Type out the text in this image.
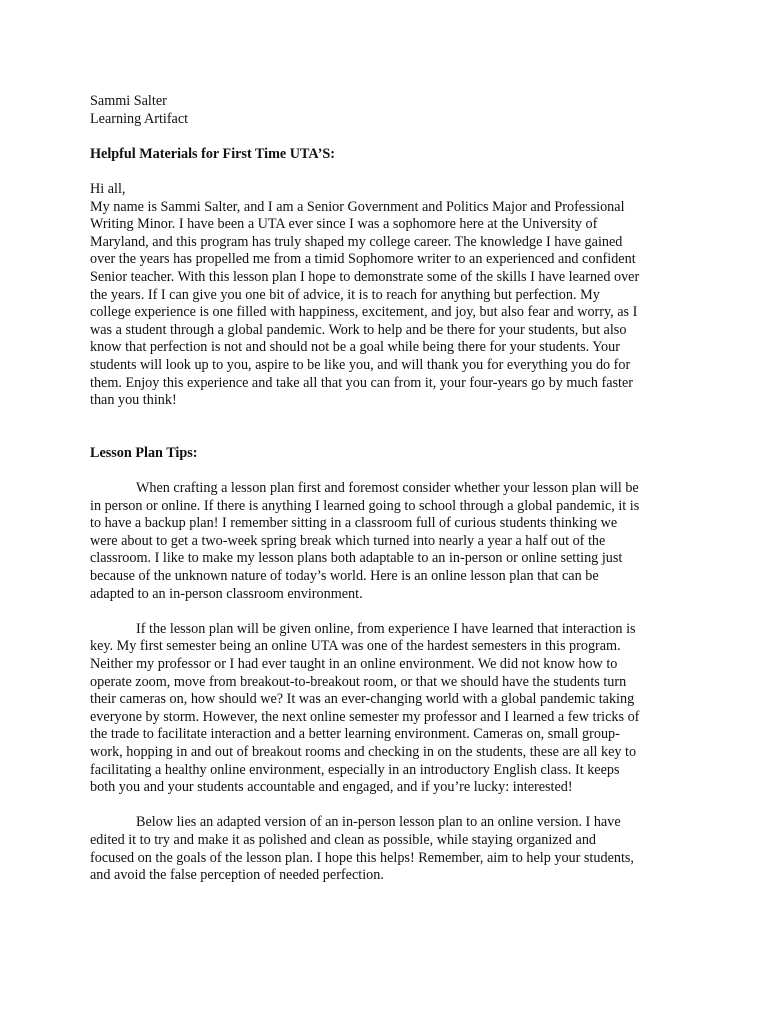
Sammi Salter
Learning Artifact
Helpful Materials for First Time UTA’S:
Hi all,
My name is Sammi Salter, and I am a Senior Government and Politics Major and Professional
Writing Minor. I have been a UTA ever since I was a sophomore here at the University of
Maryland, and this program has truly shaped my college career. The knowledge I have gained
over the years has propelled me from a timid Sophomore writer to an experienced and confident
Senior teacher. With this lesson plan I hope to demonstrate some of the skills I have learned over
the years. If I can give you one bit of advice, it is to reach for anything but perfection. My
college experience is one filled with happiness, excitement, and joy, but also fear and worry, as I
was a student through a global pandemic. Work to help and be there for your students, but also
know that perfection is not and should not be a goal while being there for your students. Your
students will look up to you, aspire to be like you, and will thank you for everything you do for
them. Enjoy this experience and take all that you can from it, your four-years go by much faster
than you think!
Lesson Plan Tips:
When crafting a lesson plan first and foremost consider whether your lesson plan will be
in person or online. If there is anything I learned going to school through a global pandemic, it is
to have a backup plan! I remember sitting in a classroom full of curious students thinking we
were about to get a two-week spring break which turned into nearly a year a half out of the
classroom. I like to make my lesson plans both adaptable to an in-person or online setting just
because of the unknown nature of today’s world. Here is an online lesson plan that can be
adapted to an in-person classroom environment.
If the lesson plan will be given online, from experience I have learned that interaction is
key. My first semester being an online UTA was one of the hardest semesters in this program.
Neither my professor or I had ever taught in an online environment. We did not know how to
operate zoom, move from breakout-to-breakout room, or that we should have the students turn
their cameras on, how should we? It was an ever-changing world with a global pandemic taking
everyone by storm. However, the next online semester my professor and I learned a few tricks of
the trade to facilitate interaction and a better learning environment. Cameras on, small group-
work, hopping in and out of breakout rooms and checking in on the students, these are all key to
facilitating a healthy online environment, especially in an introductory English class. It keeps
both you and your students accountable and engaged, and if you’re lucky: interested!
Below lies an adapted version of an in-person lesson plan to an online version. I have
edited it to try and make it as polished and clean as possible, while staying organized and
focused on the goals of the lesson plan. I hope this helps! Remember, aim to help your students,
and avoid the false perception of needed perfection.
